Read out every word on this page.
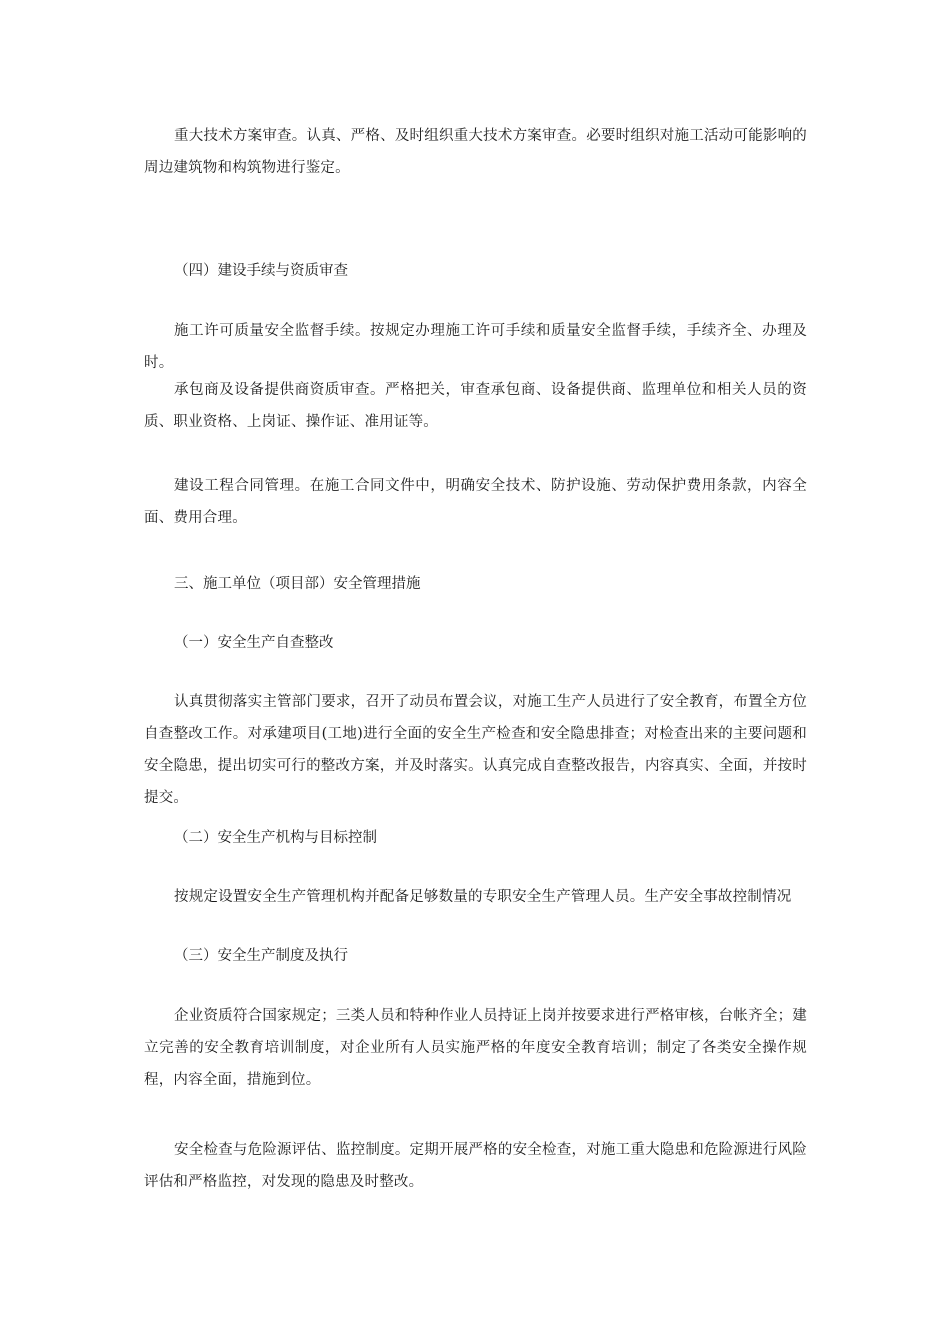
重大技术方案审查。认真、严格、及时组织重大技术方案审查。必要时组织对施工活动可能影响的周边建筑物和构筑物进行鉴定。

（四）建设手续与资质审查

施工许可质量安全监督手续。按规定办理施工许可手续和质量安全监督手续，手续齐全、办理及时。

承包商及设备提供商资质审查。严格把关，审查承包商、设备提供商、监理单位和相关人员的资质、职业资格、上岗证、操作证、准用证等。

建设工程合同管理。在施工合同文件中，明确安全技术、防护设施、劳动保护费用条款，内容全面、费用合理。

三、施工单位（项目部）安全管理措施

（一）安全生产自查整改

认真贯彻落实主管部门要求，召开了动员布置会议，对施工生产人员进行了安全教育，布置全方位自查整改工作。对承建项目(工地)进行全面的安全生产检查和安全隐患排查；对检查出来的主要问题和安全隐患，提出切实可行的整改方案，并及时落实。认真完成自查整改报告，内容真实、全面，并按时提交。

（二）安全生产机构与目标控制

按规定设置安全生产管理机构并配备足够数量的专职安全生产管理人员。生产安全事故控制情况

（三）安全生产制度及执行

企业资质符合国家规定；三类人员和特种作业人员持证上岗并按要求进行严格审核，台帐齐全；建立完善的安全教育培训制度，对企业所有人员实施严格的年度安全教育培训；制定了各类安全操作规程，内容全面，措施到位。

安全检查与危险源评估、监控制度。定期开展严格的安全检查，对施工重大隐患和危险源进行风险评估和严格监控，对发现的隐患及时整改。
